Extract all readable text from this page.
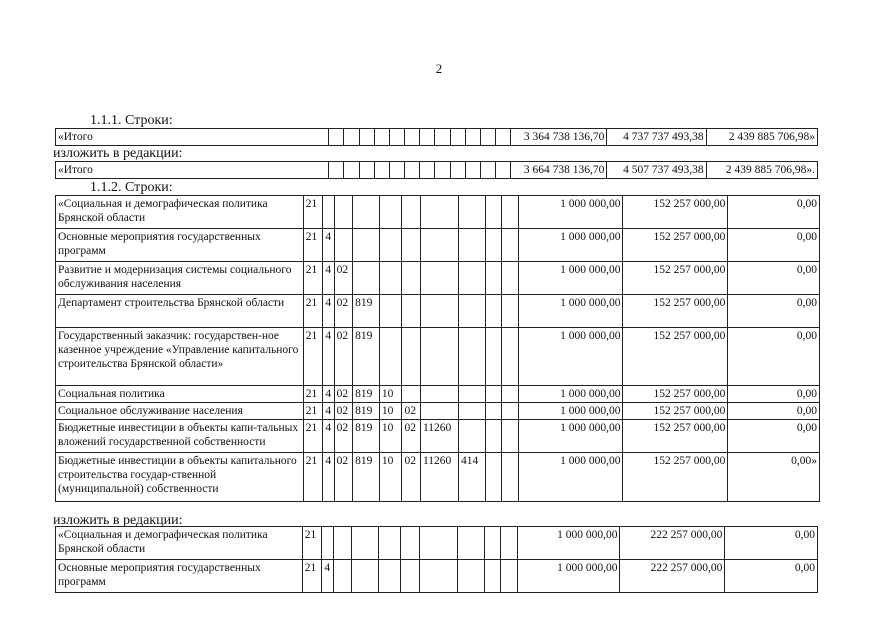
2
1.1.1. Строки:
«Итого													3 364 738 136,70	4 737 737 493,38	2 439 885 706,98»
изложить в редакции:
«Итого													3 664 738 136,70	4 507 737 493,38	2 439 885 706,98».
1.1.2. Строки:
«Социальная и демографическая политика Брянской области	21										1 000 000,00	152 257 000,00	0,00
Основные мероприятия государственных программ	21	4									1 000 000,00	152 257 000,00	0,00
Развитие и модернизация системы социального обслуживания населения	21	4	02								1 000 000,00	152 257 000,00	0,00
Департамент строительства Брянской области	21	4	02	819							1 000 000,00	152 257 000,00	0,00
Государственный заказчик: государствен-ное казенное учреждение «Управление капитального строительства Брянской области»	21	4	02	819							1 000 000,00	152 257 000,00	0,00
Социальная политика	21	4	02	819	10						1 000 000,00	152 257 000,00	0,00
Социальное обслуживание населения	21	4	02	819	10	02					1 000 000,00	152 257 000,00	0,00
Бюджетные инвестиции в объекты капи-тальных вложений государственной собственности	21	4	02	819	10	02	11260				1 000 000,00	152 257 000,00	0,00
Бюджетные инвестиции в объекты капитального строительства государ-ственной (муниципальной) собственности	21	4	02	819	10	02	11260	414			1 000 000,00	152 257 000,00	0,00»
изложить в редакции:
«Социальная и демографическая политика Брянской области	21										1 000 000,00	222 257 000,00	0,00
Основные мероприятия государственных программ	21	4									1 000 000,00	222 257 000,00	0,00
